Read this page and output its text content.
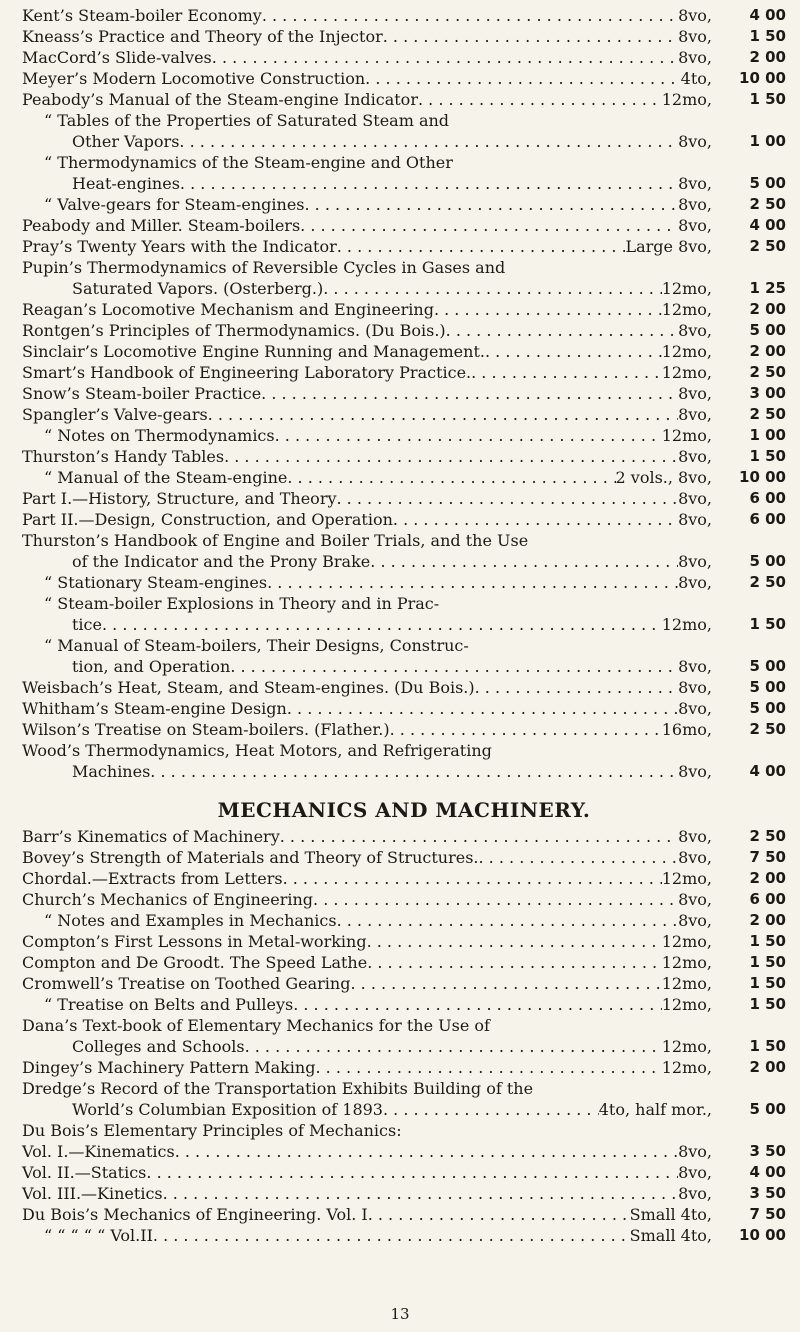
Kent’s Steam-boiler Economy . . .	8vo,	4 00
Kneass’s Practice and Theory of the Injector . . .	8vo,	1 50
MacCord’s Slide-valves . . .	8vo,	2 00
Meyer’s Modern Locomotive Construction . . .	4to,	10 00
Peabody’s Manual of the Steam-engine Indicator . . .	12mo,	1 50
“ Tables of the Properties of Saturated Steam and
Other Vapors . . .	8vo,	1 00
“ Thermodynamics of the Steam-engine and Other
Heat-engines . . .	8vo,	5 00
“ Valve-gears for Steam-engines . . .	8vo,	2 50
Peabody and Miller. Steam-boilers . . .	8vo,	4 00
Pray’s Twenty Years with the Indicator . . .	Large 8vo,	2 50
Pupin’s Thermodynamics of Reversible Cycles in Gases and
Saturated Vapors. (Osterberg.) . . .	12mo,	1 25
Reagan’s Locomotive Mechanism and Engineering . . .	12mo,	2 00
Rontgen’s Principles of Thermodynamics. (Du Bois.) . . .	8vo,	5 00
Sinclair’s Locomotive Engine Running and Management. . . .	12mo,	2 00
Smart’s Handbook of Engineering Laboratory Practice. . . .	12mo,	2 50
Snow’s Steam-boiler Practice . . .	8vo,	3 00
Spangler’s Valve-gears . . .	8vo,	2 50
“ Notes on Thermodynamics . . .	12mo,	1 00
Thurston’s Handy Tables . . .	8vo,	1 50
“ Manual of the Steam-engine . . .	2 vols., 8vo,	10 00
Part I.—History, Structure, and Theory . . .	8vo,	6 00
Part II.—Design, Construction, and Operation . . .	8vo,	6 00
Thurston’s Handbook of Engine and Boiler Trials, and the Use
of the Indicator and the Prony Brake . . .	8vo,	5 00
“ Stationary Steam-engines . . .	8vo,	2 50
“ Steam-boiler Explosions in Theory and in Prac-
tice . . .	12mo,	1 50
“ Manual of Steam-boilers, Their Designs, Construc-
tion, and Operation . . .	8vo,	5 00
Weisbach’s Heat, Steam, and Steam-engines. (Du Bois.) . . .	8vo,	5 00
Whitham’s Steam-engine Design . . .	8vo,	5 00
Wilson’s Treatise on Steam-boilers. (Flather.) . . .	16mo,	2 50
Wood’s Thermodynamics, Heat Motors, and Refrigerating
Machines . . .	8vo,	4 00
MECHANICS AND MACHINERY.
Barr’s Kinematics of Machinery . . .	8vo,	2 50
Bovey’s Strength of Materials and Theory of Structures. . . .	8vo,	7 50
Chordal.—Extracts from Letters . . .	12mo,	2 00
Church’s Mechanics of Engineering . . .	8vo,	6 00
“ Notes and Examples in Mechanics . . .	8vo,	2 00
Compton’s First Lessons in Metal-working . . .	12mo,	1 50
Compton and De Groodt. The Speed Lathe . . .	12mo,	1 50
Cromwell’s Treatise on Toothed Gearing . . .	12mo,	1 50
“ Treatise on Belts and Pulleys . . .	12mo,	1 50
Dana’s Text-book of Elementary Mechanics for the Use of
Colleges and Schools . . .	12mo,	1 50
Dingey’s Machinery Pattern Making . . .	12mo,	2 00
Dredge’s Record of the Transportation Exhibits Building of the
World’s Columbian Exposition of 1893 . . .	4to, half mor.,	5 00
Du Bois’s Elementary Principles of Mechanics:
Vol. I.—Kinematics . . .	8vo,	3 50
Vol. II.—Statics . . .	8vo,	4 00
Vol. III.—Kinetics . . .	8vo,	3 50
Du Bois’s Mechanics of Engineering. Vol. I . . .	Small 4to,	7 50
“ “ “ “ “ Vol.II . . .	Small 4to,	10 00
13
